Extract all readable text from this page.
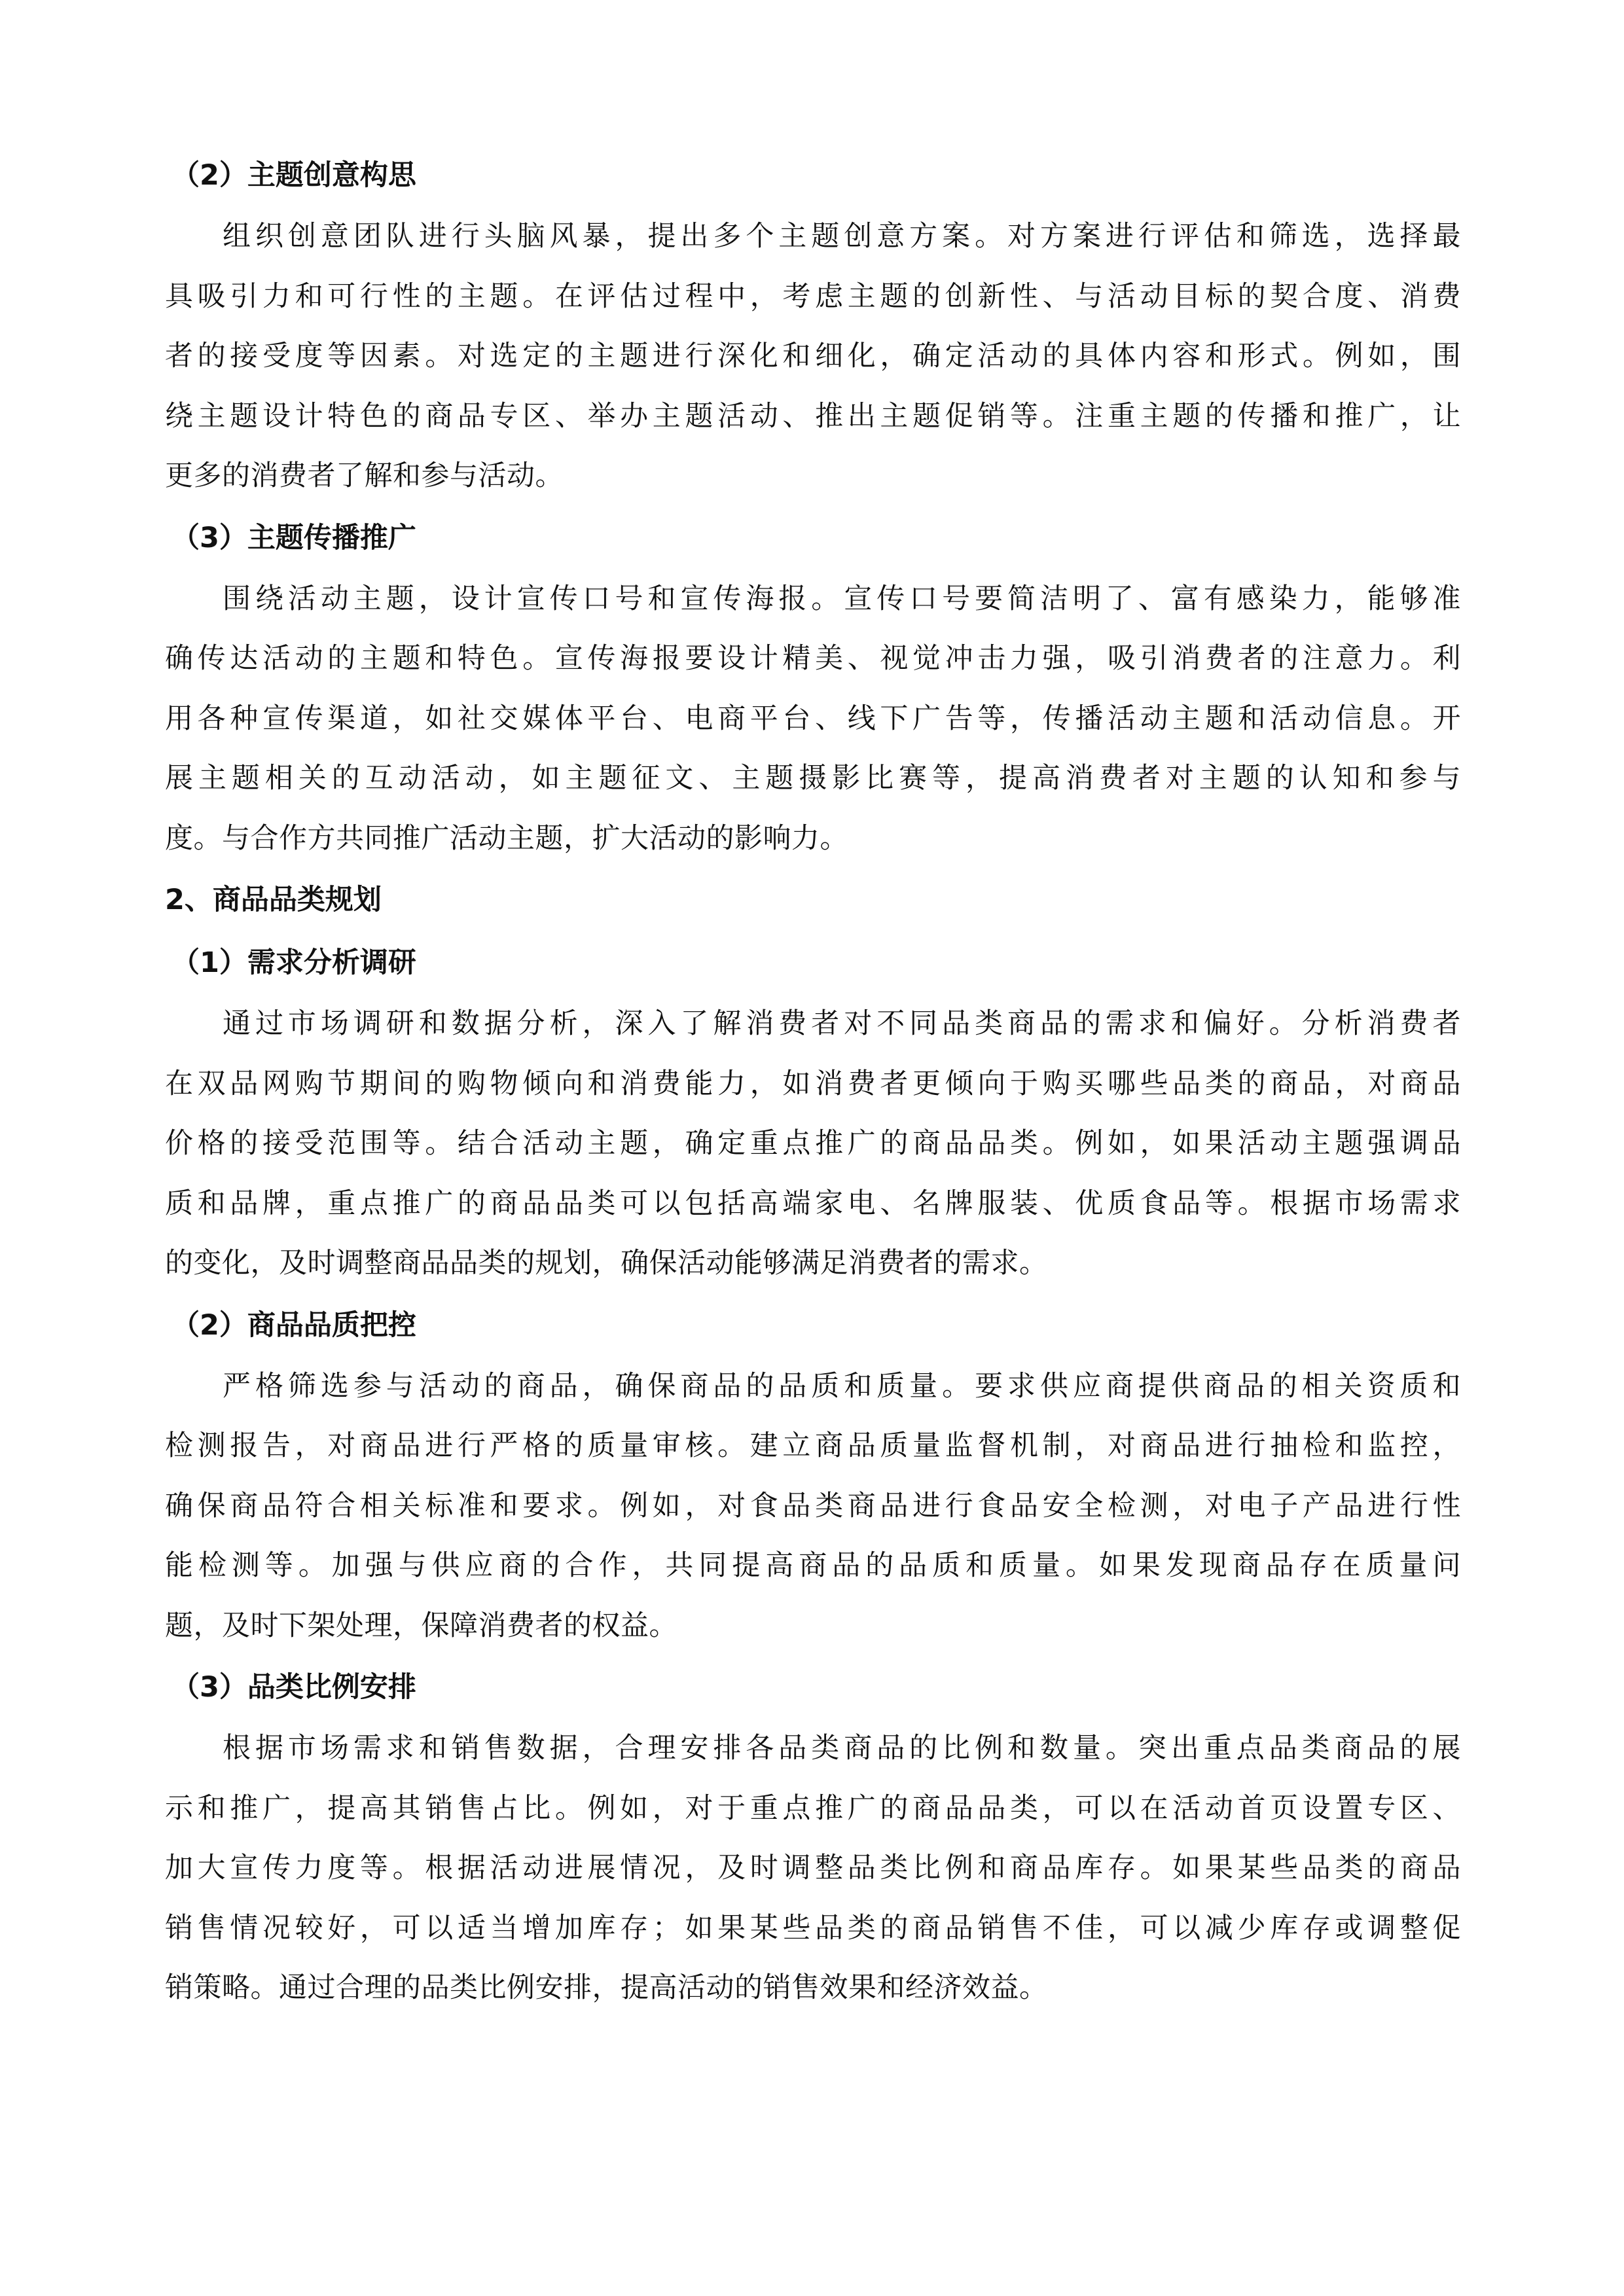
（2）主题创意构思
组织创意团队进行头脑风暴，提出多个主题创意方案。对方案进行评估和筛选，选择最
具吸引力和可行性的主题。在评估过程中，考虑主题的创新性、与活动目标的契合度、消费
者的接受度等因素。对选定的主题进行深化和细化，确定活动的具体内容和形式。例如，围
绕主题设计特色的商品专区、举办主题活动、推出主题促销等。注重主题的传播和推广，让
更多的消费者了解和参与活动。
（3）主题传播推广
围绕活动主题，设计宣传口号和宣传海报。宣传口号要简洁明了、富有感染力，能够准
确传达活动的主题和特色。宣传海报要设计精美、视觉冲击力强，吸引消费者的注意力。利
用各种宣传渠道，如社交媒体平台、电商平台、线下广告等，传播活动主题和活动信息。开
展主题相关的互动活动，如主题征文、主题摄影比赛等，提高消费者对主题的认知和参与
度。与合作方共同推广活动主题，扩大活动的影响力。
2、商品品类规划
（1）需求分析调研
通过市场调研和数据分析，深入了解消费者对不同品类商品的需求和偏好。分析消费者
在双品网购节期间的购物倾向和消费能力，如消费者更倾向于购买哪些品类的商品，对商品
价格的接受范围等。结合活动主题，确定重点推广的商品品类。例如，如果活动主题强调品
质和品牌，重点推广的商品品类可以包括高端家电、名牌服装、优质食品等。根据市场需求
的变化，及时调整商品品类的规划，确保活动能够满足消费者的需求。
（2）商品品质把控
严格筛选参与活动的商品，确保商品的品质和质量。要求供应商提供商品的相关资质和
检测报告，对商品进行严格的质量审核。建立商品质量监督机制，对商品进行抽检和监控，
确保商品符合相关标准和要求。例如，对食品类商品进行食品安全检测，对电子产品进行性
能检测等。加强与供应商的合作，共同提高商品的品质和质量。如果发现商品存在质量问
题，及时下架处理，保障消费者的权益。
（3）品类比例安排
根据市场需求和销售数据，合理安排各品类商品的比例和数量。突出重点品类商品的展
示和推广，提高其销售占比。例如，对于重点推广的商品品类，可以在活动首页设置专区、
加大宣传力度等。根据活动进展情况，及时调整品类比例和商品库存。如果某些品类的商品
销售情况较好，可以适当增加库存；如果某些品类的商品销售不佳，可以减少库存或调整促
销策略。通过合理的品类比例安排，提高活动的销售效果和经济效益。
